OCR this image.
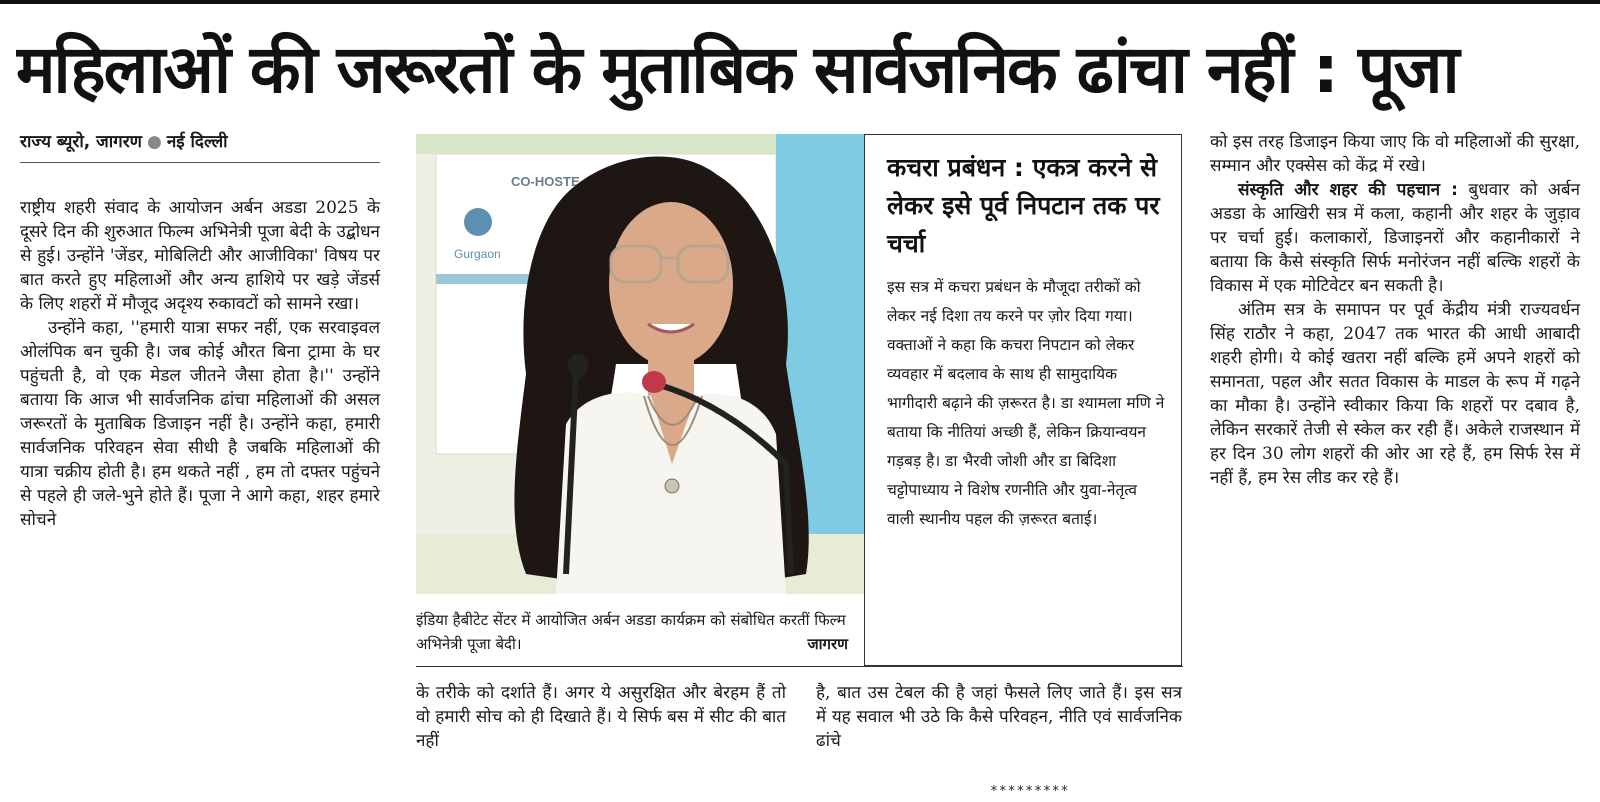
महिलाओं की जरूरतों के मुताबिक सार्वजनिक ढांचा नहीं : पूजा
राज्य ब्यूरो, जागरण ● नई दिल्ली

राष्ट्रीय शहरी संवाद के आयोजन अर्बन अडडा 2025 के दूसरे दिन की शुरुआत फिल्म अभिनेत्री पूजा बेदी के उद्बोधन से हुई। उन्होंने 'जेंडर, मोबिलिटी और आजीविका' विषय पर बात करते हुए महिलाओं और अन्य हाशिये पर खड़े जेंडर्स के लिए शहरों में मौजूद अदृश्य रुकावटों को सामने रखा।

उन्होंने कहा, ''हमारी यात्रा सफर नहीं, एक सरवाइवल ओलंपिक बन चुकी है। जब कोई औरत बिना ट्रामा के घर पहुंचती है, वो एक मेडल जीतने जैसा होता है।'' उन्होंने बताया कि आज भी सार्वजनिक ढांचा महिलाओं की असल जरूरतों के मुताबिक डिजाइन नहीं है। उन्होंने कहा, हमारी सार्वजनिक परिवहन सेवा सीधी है जबकि महिलाओं की यात्रा चक्रीय होती है। हम थकते नहीं , हम तो दफ्तर पहुंचने से पहले ही जले-भुने होते हैं। पूजा ने आगे कहा, शहर हमारे सोचने

CO-HOSTE
Gurgaon
इंडिया हैबीटेट सेंटर में आयोजित अर्बन अडडा कार्यक्रम को संबोधित करतीं फिल्म अभिनेत्री पूजा बेदी।	जागरण
कचरा प्रबंधन : एकत्र करने से लेकर इसे पूर्व निपटान तक पर चर्चा

इस सत्र में कचरा प्रबंधन के मौजूदा तरीकों को लेकर नई दिशा तय करने पर ज़ोर दिया गया। वक्ताओं ने कहा कि कचरा निपटान को लेकर व्यवहार में बदलाव के साथ ही सामुदायिक भागीदारी बढ़ाने की ज़रूरत है। डा श्यामला मणि ने बताया कि नीतियां अच्छी हैं, लेकिन क्रियान्वयन गड़बड़ है। डा भैरवी जोशी और डा बिदिशा चट्टोपाध्याय ने विशेष रणनीति और युवा-नेतृत्व वाली स्थानीय पहल की ज़रूरत बताई।

के तरीके को दर्शाते हैं। अगर ये असुरक्षित और बेरहम हैं तो वो हमारी सोच को ही दिखाते हैं। ये सिर्फ बस में सीट की बात नहीं
है, बात उस टेबल की है जहां फैसले लिए जाते हैं। इस सत्र में यह सवाल भी उठे कि कैसे परिवहन, नीति एवं सार्वजनिक ढांचे

को इस तरह डिजाइन किया जाए कि वो महिलाओं की सुरक्षा, सम्मान और एक्सेस को केंद्र में रखे।

संस्कृति और शहर की पहचान : बुधवार को अर्बन अडडा के आखिरी सत्र में कला, कहानी और शहर के जुड़ाव पर चर्चा हुई। कलाकारों, डिजाइनरों और कहानीकारों ने बताया कि कैसे संस्कृति सिर्फ मनोरंजन नहीं बल्कि शहरों के विकास में एक मोटिवेटर बन सकती है।

अंतिम सत्र के समापन पर पूर्व केंद्रीय मंत्री राज्यवर्धन सिंह राठौर ने कहा, 2047 तक भारत की आधी आबादी शहरी होगी। ये कोई खतरा नहीं बल्कि हमें अपने शहरों को समानता, पहल और सतत विकास के माडल के रूप में गढ़ने का मौका है। उन्होंने स्वीकार किया कि शहरों पर दबाव है, लेकिन सरकारें तेजी से स्केल कर रही हैं। अकेले राजस्थान में हर दिन 30 लोग शहरों की ओर आ रहे हैं, हम सिर्फ रेस में नहीं हैं, हम रेस लीड कर रहे हैं।

*********
